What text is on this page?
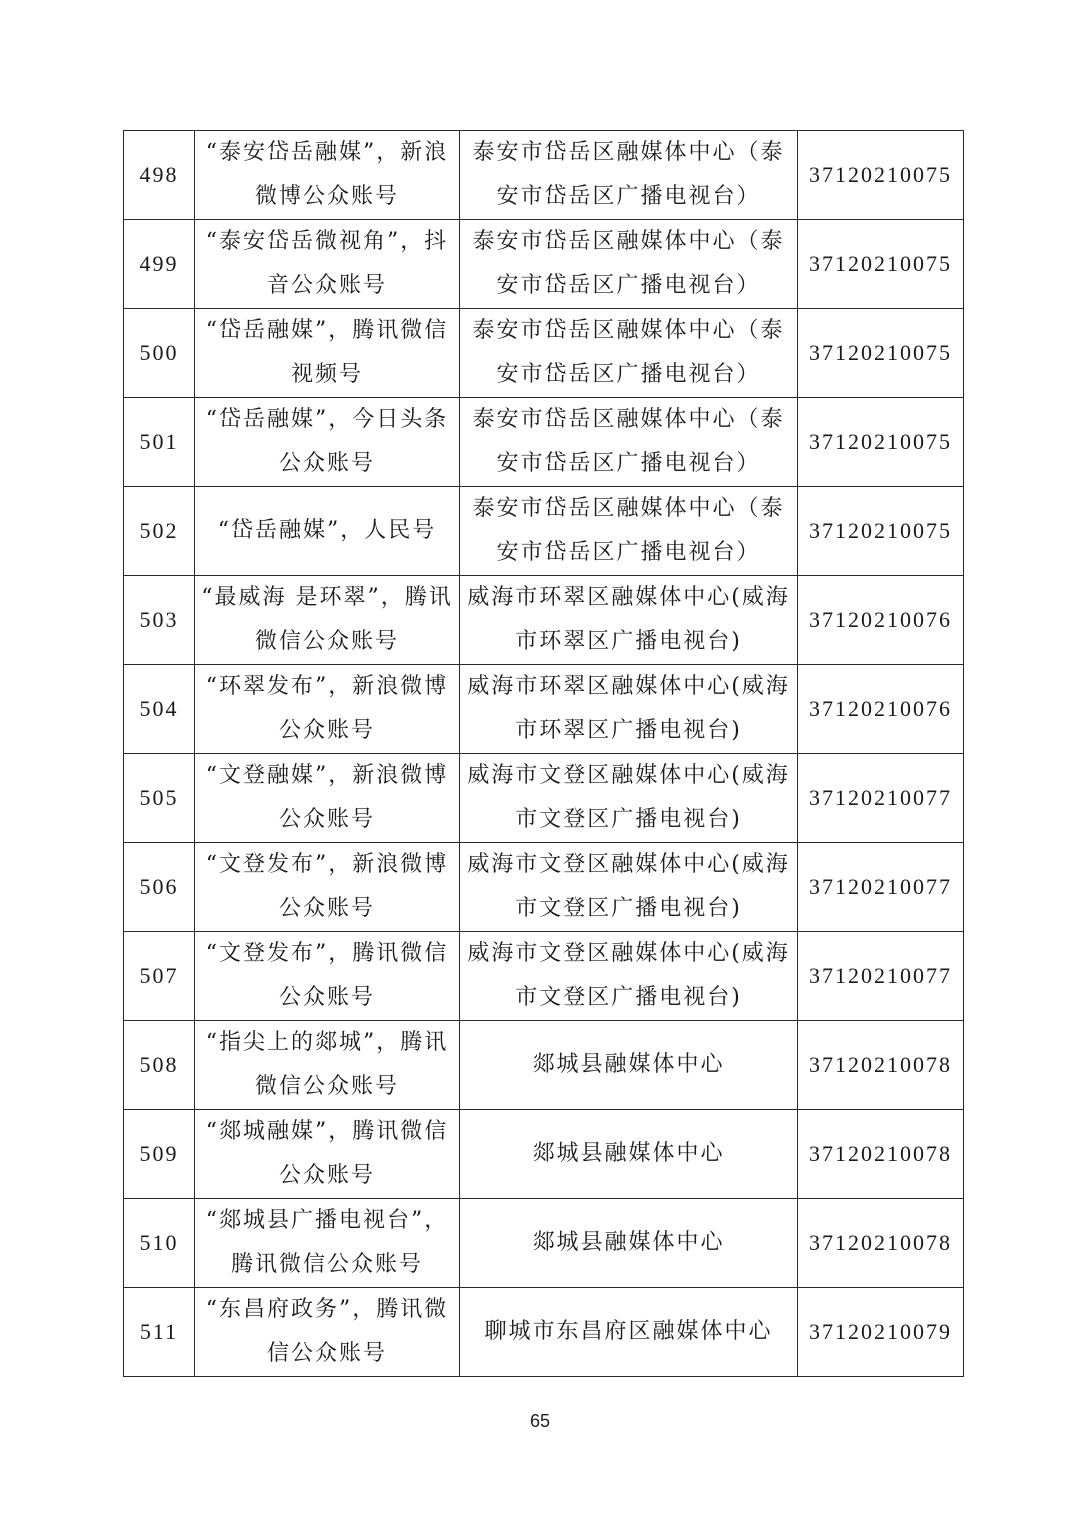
498	“泰安岱岳融媒”，新浪微博公众账号	泰安市岱岳区融媒体中心（泰安市岱岳区广播电视台）	37120210075
499	“泰安岱岳微视角”，抖音公众账号	泰安市岱岳区融媒体中心（泰安市岱岳区广播电视台）	37120210075
500	“岱岳融媒”，腾讯微信视频号	泰安市岱岳区融媒体中心（泰安市岱岳区广播电视台）	37120210075
501	“岱岳融媒”，今日头条公众账号	泰安市岱岳区融媒体中心（泰安市岱岳区广播电视台）	37120210075
502	“岱岳融媒”，人民号	泰安市岱岳区融媒体中心（泰安市岱岳区广播电视台）	37120210075
503	“最威海 是环翠”，腾讯微信公众账号	威海市环翠区融媒体中心(威海市环翠区广播电视台)	37120210076
504	“环翠发布”，新浪微博公众账号	威海市环翠区融媒体中心(威海市环翠区广播电视台)	37120210076
505	“文登融媒”，新浪微博公众账号	威海市文登区融媒体中心(威海市文登区广播电视台)	37120210077
506	“文登发布”，新浪微博公众账号	威海市文登区融媒体中心(威海市文登区广播电视台)	37120210077
507	“文登发布”，腾讯微信公众账号	威海市文登区融媒体中心(威海市文登区广播电视台)	37120210077
508	“指尖上的郯城”，腾讯微信公众账号	郯城县融媒体中心	37120210078
509	“郯城融媒”，腾讯微信公众账号	郯城县融媒体中心	37120210078
510	“郯城县广播电视台”，腾讯微信公众账号	郯城县融媒体中心	37120210078
511	“东昌府政务”，腾讯微信公众账号	聊城市东昌府区融媒体中心	37120210079
65
